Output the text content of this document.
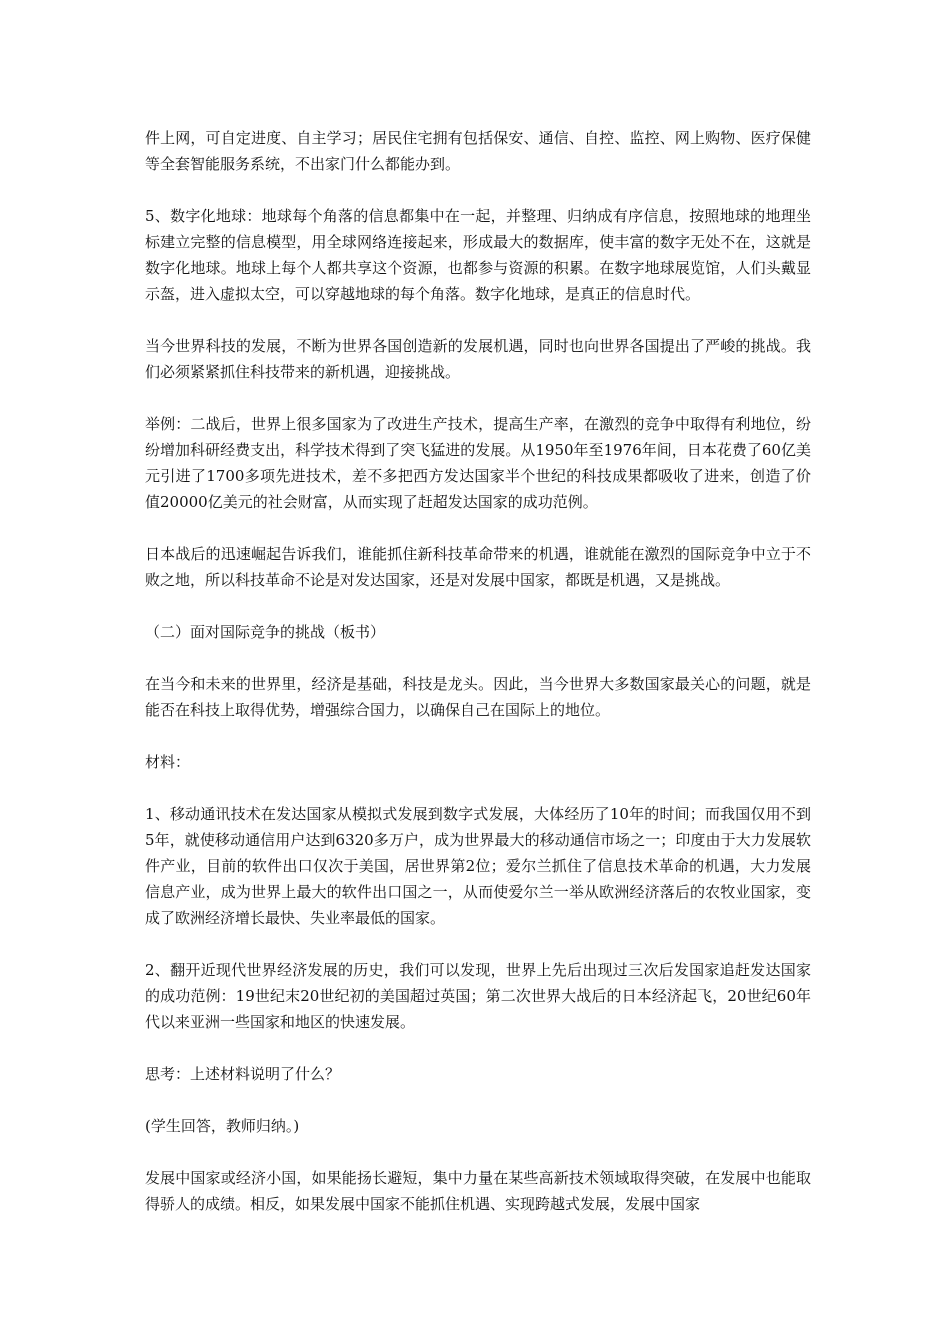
件上网，可自定进度、自主学习；居民住宅拥有包括保安、通信、自控、监控、网上购物、医疗保健等全套智能服务系统，不出家门什么都能办到。

5、数字化地球：地球每个角落的信息都集中在一起，并整理、归纳成有序信息，按照地球的地理坐标建立完整的信息模型，用全球网络连接起来，形成最大的数据库，使丰富的数字无处不在，这就是数字化地球。地球上每个人都共享这个资源，也都参与资源的积累。在数字地球展览馆，人们头戴显示盔，进入虚拟太空，可以穿越地球的每个角落。数字化地球，是真正的信息时代。

当今世界科技的发展，不断为世界各国创造新的发展机遇，同时也向世界各国提出了严峻的挑战。我们必须紧紧抓住科技带来的新机遇，迎接挑战。

举例：二战后，世界上很多国家为了改进生产技术，提高生产率，在激烈的竞争中取得有利地位，纷纷增加科研经费支出，科学技术得到了突飞猛进的发展。从1950年至1976年间，日本花费了60亿美元引进了1700多项先进技术，差不多把西方发达国家半个世纪的科技成果都吸收了进来，创造了价值20000亿美元的社会财富，从而实现了赶超发达国家的成功范例。

日本战后的迅速崛起告诉我们，谁能抓住新科技革命带来的机遇，谁就能在激烈的国际竞争中立于不败之地，所以科技革命不论是对发达国家，还是对发展中国家，都既是机遇，又是挑战。

（二）面对国际竞争的挑战（板书）

在当今和未来的世界里，经济是基础，科技是龙头。因此，当今世界大多数国家最关心的问题，就是能否在科技上取得优势，增强综合国力，以确保自己在国际上的地位。

材料：

1、移动通讯技术在发达国家从模拟式发展到数字式发展，大体经历了10年的时间；而我国仅用不到5年，就使移动通信用户达到6320多万户，成为世界最大的移动通信市场之一；印度由于大力发展软件产业，目前的软件出口仅次于美国，居世界第2位；爱尔兰抓住了信息技术革命的机遇，大力发展信息产业，成为世界上最大的软件出口国之一，从而使爱尔兰一举从欧洲经济落后的农牧业国家，变成了欧洲经济增长最快、失业率最低的国家。

2、翻开近现代世界经济发展的历史，我们可以发现，世界上先后出现过三次后发国家追赶发达国家的成功范例：19世纪末20世纪初的美国超过英国；第二次世界大战后的日本经济起飞，20世纪60年代以来亚洲一些国家和地区的快速发展。

思考：上述材料说明了什么？

(学生回答，教师归纳。)

发展中国家或经济小国，如果能扬长避短，集中力量在某些高新技术领域取得突破，在发展中也能取得骄人的成绩。相反，如果发展中国家不能抓住机遇、实现跨越式发展，发展中国家
